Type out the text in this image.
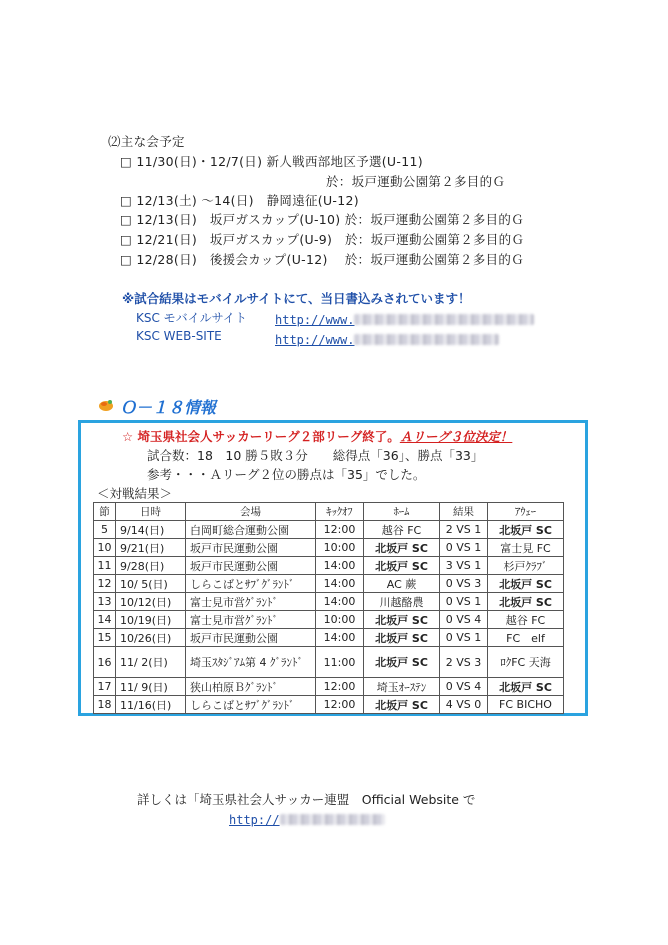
⑵主な会予定
□ 11/30(日)・12/7(日) 新人戦西部地区予選(U-11)
於：坂戸運動公園第２多目的Ｇ
□ 12/13(土) ～14(日)　静岡遠征(U-12)
□ 12/13(日)　坂戸ガスカップ(U-10) 於：坂戸運動公園第２多目的Ｇ
□ 12/21(日)　坂戸ガスカップ(U-9)　於：坂戸運動公園第２多目的Ｇ
□ 12/28(日)　後援会カップ(U-12)　 於：坂戸運動公園第２多目的Ｇ
※試合結果はモバイルサイトにて、当日書込みされています！
KSC モバイルサイト http://www.
KSC WEB-SITE	http://www.
Ｏ－１８情報
☆ 埼玉県社会人サッカーリーグ２部リーグ終了。Ａリーグ３位決定！
試合数：18　10 勝５敗３分　　総得点「36」、勝点「33」
参考・・・Ａリーグ２位の勝点は「35」でした。
＜対戦結果＞
節	日時	会場	ｷｯｸｵﾌ	ﾎｰﾑ	結果	ｱｳｪｰ
5	9/14(日)	白岡町総合運動公園	12:00	越谷 FC	2 VS 1	北坂戸 SC
10	9/21(日)	坂戸市民運動公園	10:00	北坂戸 SC	0 VS 1	富士見 FC
11	9/28(日)	坂戸市民運動公園	14:00	北坂戸 SC	3 VS 1	杉戸ｸﾗﾌﾞ
12	10/ 5(日)	しらこばとｻﾌﾞｸﾞﾗﾝﾄﾞ	14:00	AC 蕨	0 VS 3	北坂戸 SC
13	10/12(日)	富士見市営ｸﾞﾗﾝﾄﾞ	14:00	川越酪農	0 VS 1	北坂戸 SC
14	10/19(日)	富士見市営ｸﾞﾗﾝﾄﾞ	10:00	北坂戸 SC	0 VS 4	越谷 FC
15	10/26(日)	坂戸市民運動公園	14:00	北坂戸 SC	0 VS 1	FC　elf
16	11/ 2(日)	埼玉ｽﾀｼﾞｱﾑ第 4 ｸﾞﾗﾝﾄﾞ	11:00	北坂戸 SC	2 VS 3	ﾛｸFC 天海
17	11/ 9(日)	狭山柏原Ｂｸﾞﾗﾝﾄﾞ	12:00	埼玉ｵｰｽﾃﾝ	0 VS 4	北坂戸 SC
18	11/16(日)	しらこばとｻﾌﾞｸﾞﾗﾝﾄﾞ	12:00	北坂戸 SC	4 VS 0	FC BICHO
詳しくは「埼玉県社会人サッカー連盟　Official Website で
http://
